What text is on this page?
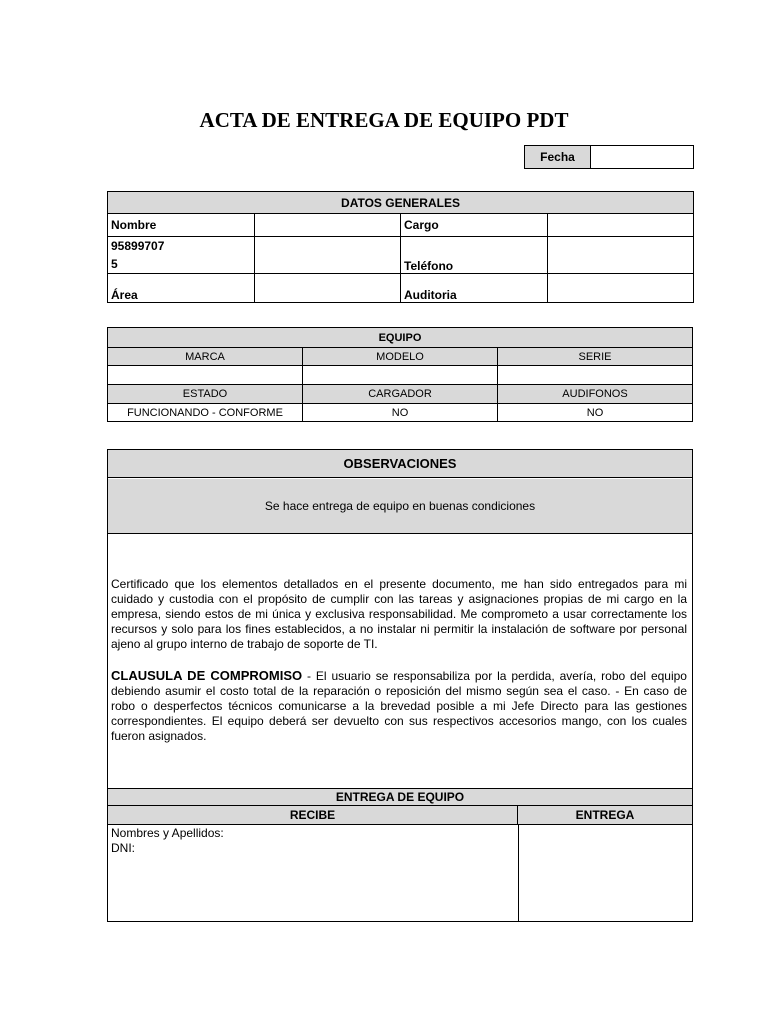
ACTA DE ENTREGA DE EQUIPO PDT
Fecha	
DATOS GENERALES			
Nombre		Cargo	

95899707
5		Teléfono	
Área		Auditoria	
EQUIPO		
MARCA	MODELO	SERIE

ESTADO	CARGADOR	AUDIFONOS
FUNCIONANDO - CONFORME	NO	NO
OBSERVACIONES
Se hace entrega de equipo en buenas condiciones
Certificado que los elementos detallados en el presente documento, me han sido entregados para mi cuidado y custodia con el propósito de cumplir con las tareas y asignaciones propias de mi cargo en la empresa, siendo estos de mi única y exclusiva responsabilidad. Me comprometo a usar correctamente los recursos y solo para los fines establecidos, a no instalar ni permitir la instalación de software por personal ajeno al grupo interno de trabajo de soporte de TI.
CLAUSULA DE COMPROMISO - El usuario se responsabiliza por la perdida, avería, robo del equipo debiendo asumir el costo total de la reparación o reposición del mismo según sea el caso. - En caso de robo o desperfectos técnicos comunicarse a la brevedad posible a mi Jefe Directo para las gestiones correspondientes. El equipo deberá ser devuelto con sus respectivos accesorios mango, con los cuales fueron asignados.
ENTREGA DE EQUIPO
RECIBE	ENTREGA
Nombres y Apellidos:
DNI:
